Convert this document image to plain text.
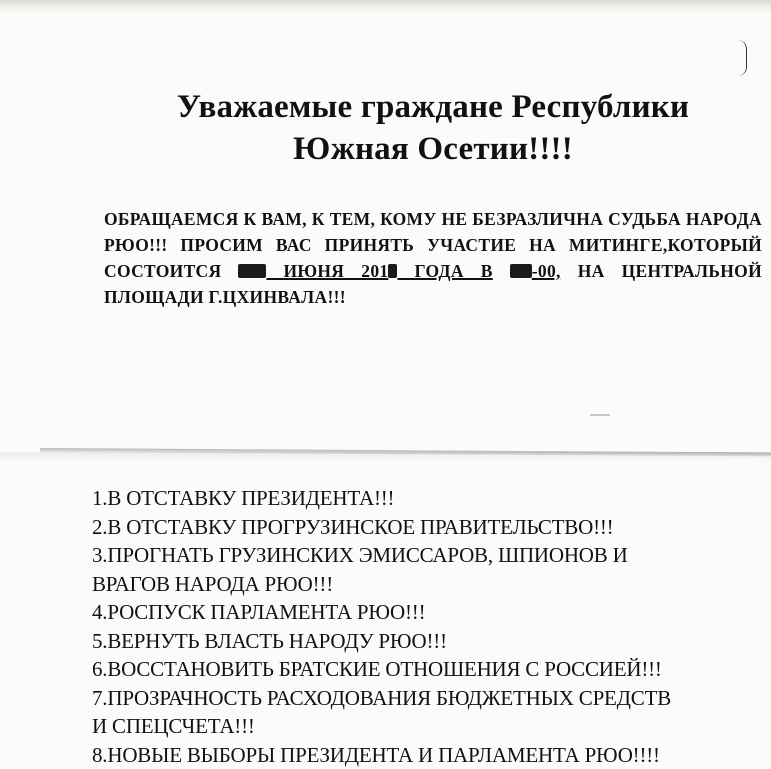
Уважаемые граждане Республики
Южная Осетии!!!!
ОБРАЩАЕМСЯ К ВАМ, К ТЕМ, КОМУ НЕ БЕЗРАЗЛИЧНА СУДЬБА НАРОДА РЮО!!! ПРОСИМ ВАС ПРИНЯТЬ УЧАСТИЕ НА МИТИНГЕ,КОТОРЫЙ СОСТОИТСЯ  ИЮНЯ 201 ГОДА В -00, НА ЦЕНТРАЛЬНОЙ ПЛОЩАДИ Г.ЦХИНВАЛА!!!
1.В ОТСТАВКУ ПРЕЗИДЕНТА!!!
2.В ОТСТАВКУ ПРОГРУЗИНСКОЕ ПРАВИТЕЛЬСТВО!!!
3.ПРОГНАТЬ ГРУЗИНСКИХ ЭМИССАРОВ, ШПИОНОВ И
ВРАГОВ НАРОДА РЮО!!!
4.РОСПУСК ПАРЛАМЕНТА РЮО!!!
5.ВЕРНУТЬ ВЛАСТЬ НАРОДУ РЮО!!!
6.ВОССТАНОВИТЬ БРАТСКИЕ ОТНОШЕНИЯ С РОССИЕЙ!!!
7.ПРОЗРАЧНОСТЬ РАСХОДОВАНИЯ БЮДЖЕТНЫХ СРЕДСТВ
И СПЕЦСЧЕТА!!!
8.НОВЫЕ ВЫБОРЫ ПРЕЗИДЕНТА И ПАРЛАМЕНТА РЮО!!!!
